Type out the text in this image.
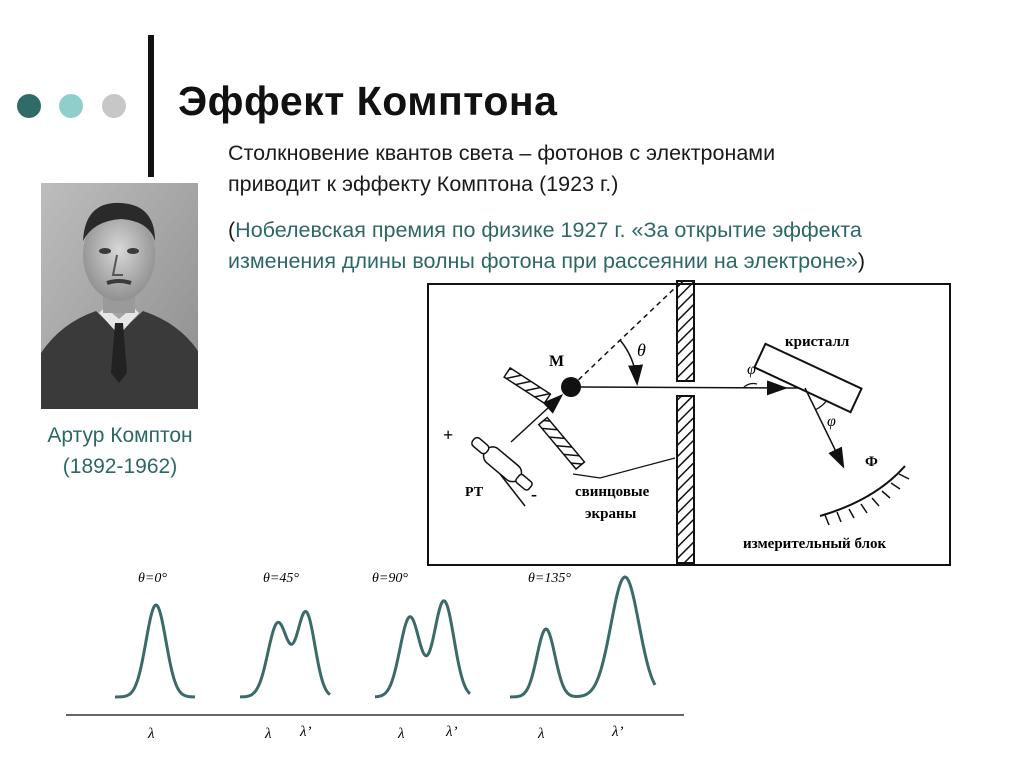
Эффект Комптона
Столкновение квантов света – фотонов с электронами
приводит к эффекту Комптона (1923 г.)
(Нобелевская премия по физике 1927 г. «За открытие эффекта
изменения длины волны фотона при рассеянии на электроне»)
Артур Комптон
(1892-1962)
θ
M
+
-
РТ	свинцовые
экраны
кристалл
φ
φ
Ф
измерительный блок
θ=0°
λ
θ=45°
λ λ’
θ=90°
λ	λ’
θ=135°
λ	λ’
